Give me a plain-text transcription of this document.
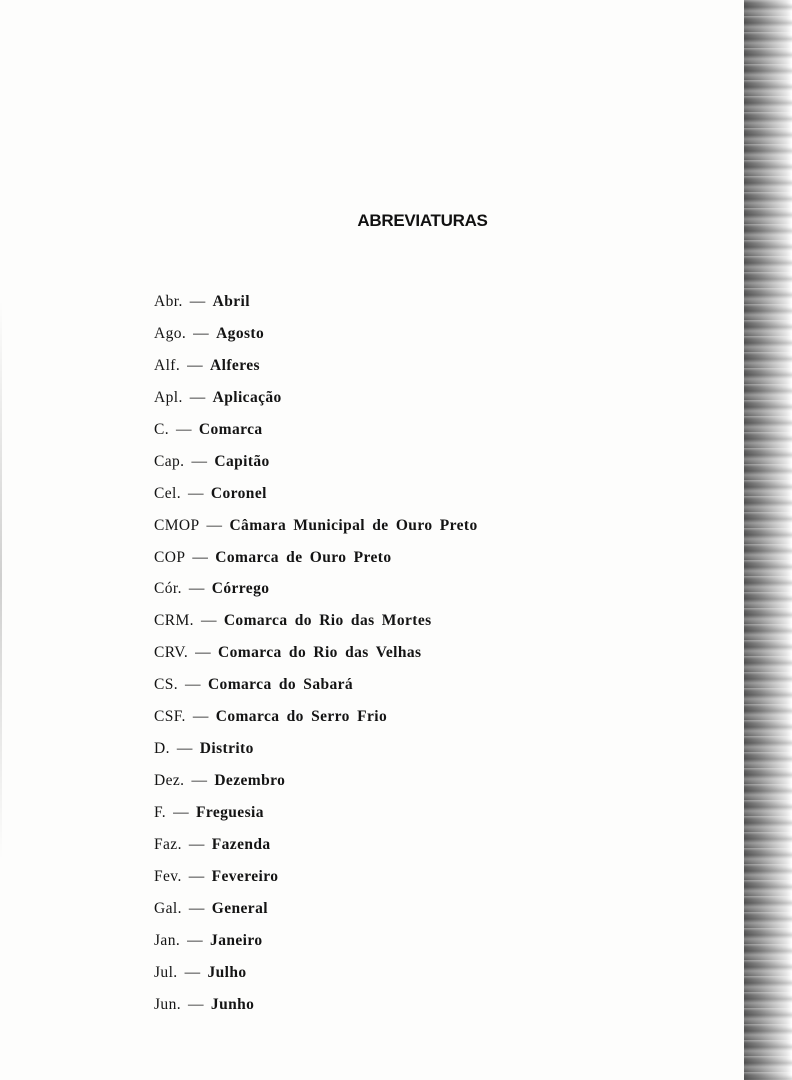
ABREVIATURAS
Abr. — Abril
Ago. — Agosto
Alf. — Alferes
Apl. — Aplicação
C. — Comarca
Cap. — Capitão
Cel. — Coronel
CMOP — Câmara Municipal de Ouro Preto
COP — Comarca de Ouro Preto
Cór. — Córrego
CRM. — Comarca do Rio das Mortes
CRV. — Comarca do Rio das Velhas
CS. — Comarca do Sabará
CSF. — Comarca do Serro Frio
D. — Distrito
Dez. — Dezembro
F. — Freguesia
Faz. — Fazenda
Fev. — Fevereiro
Gal. — General
Jan. — Janeiro
Jul. — Julho
Jun. — Junho
